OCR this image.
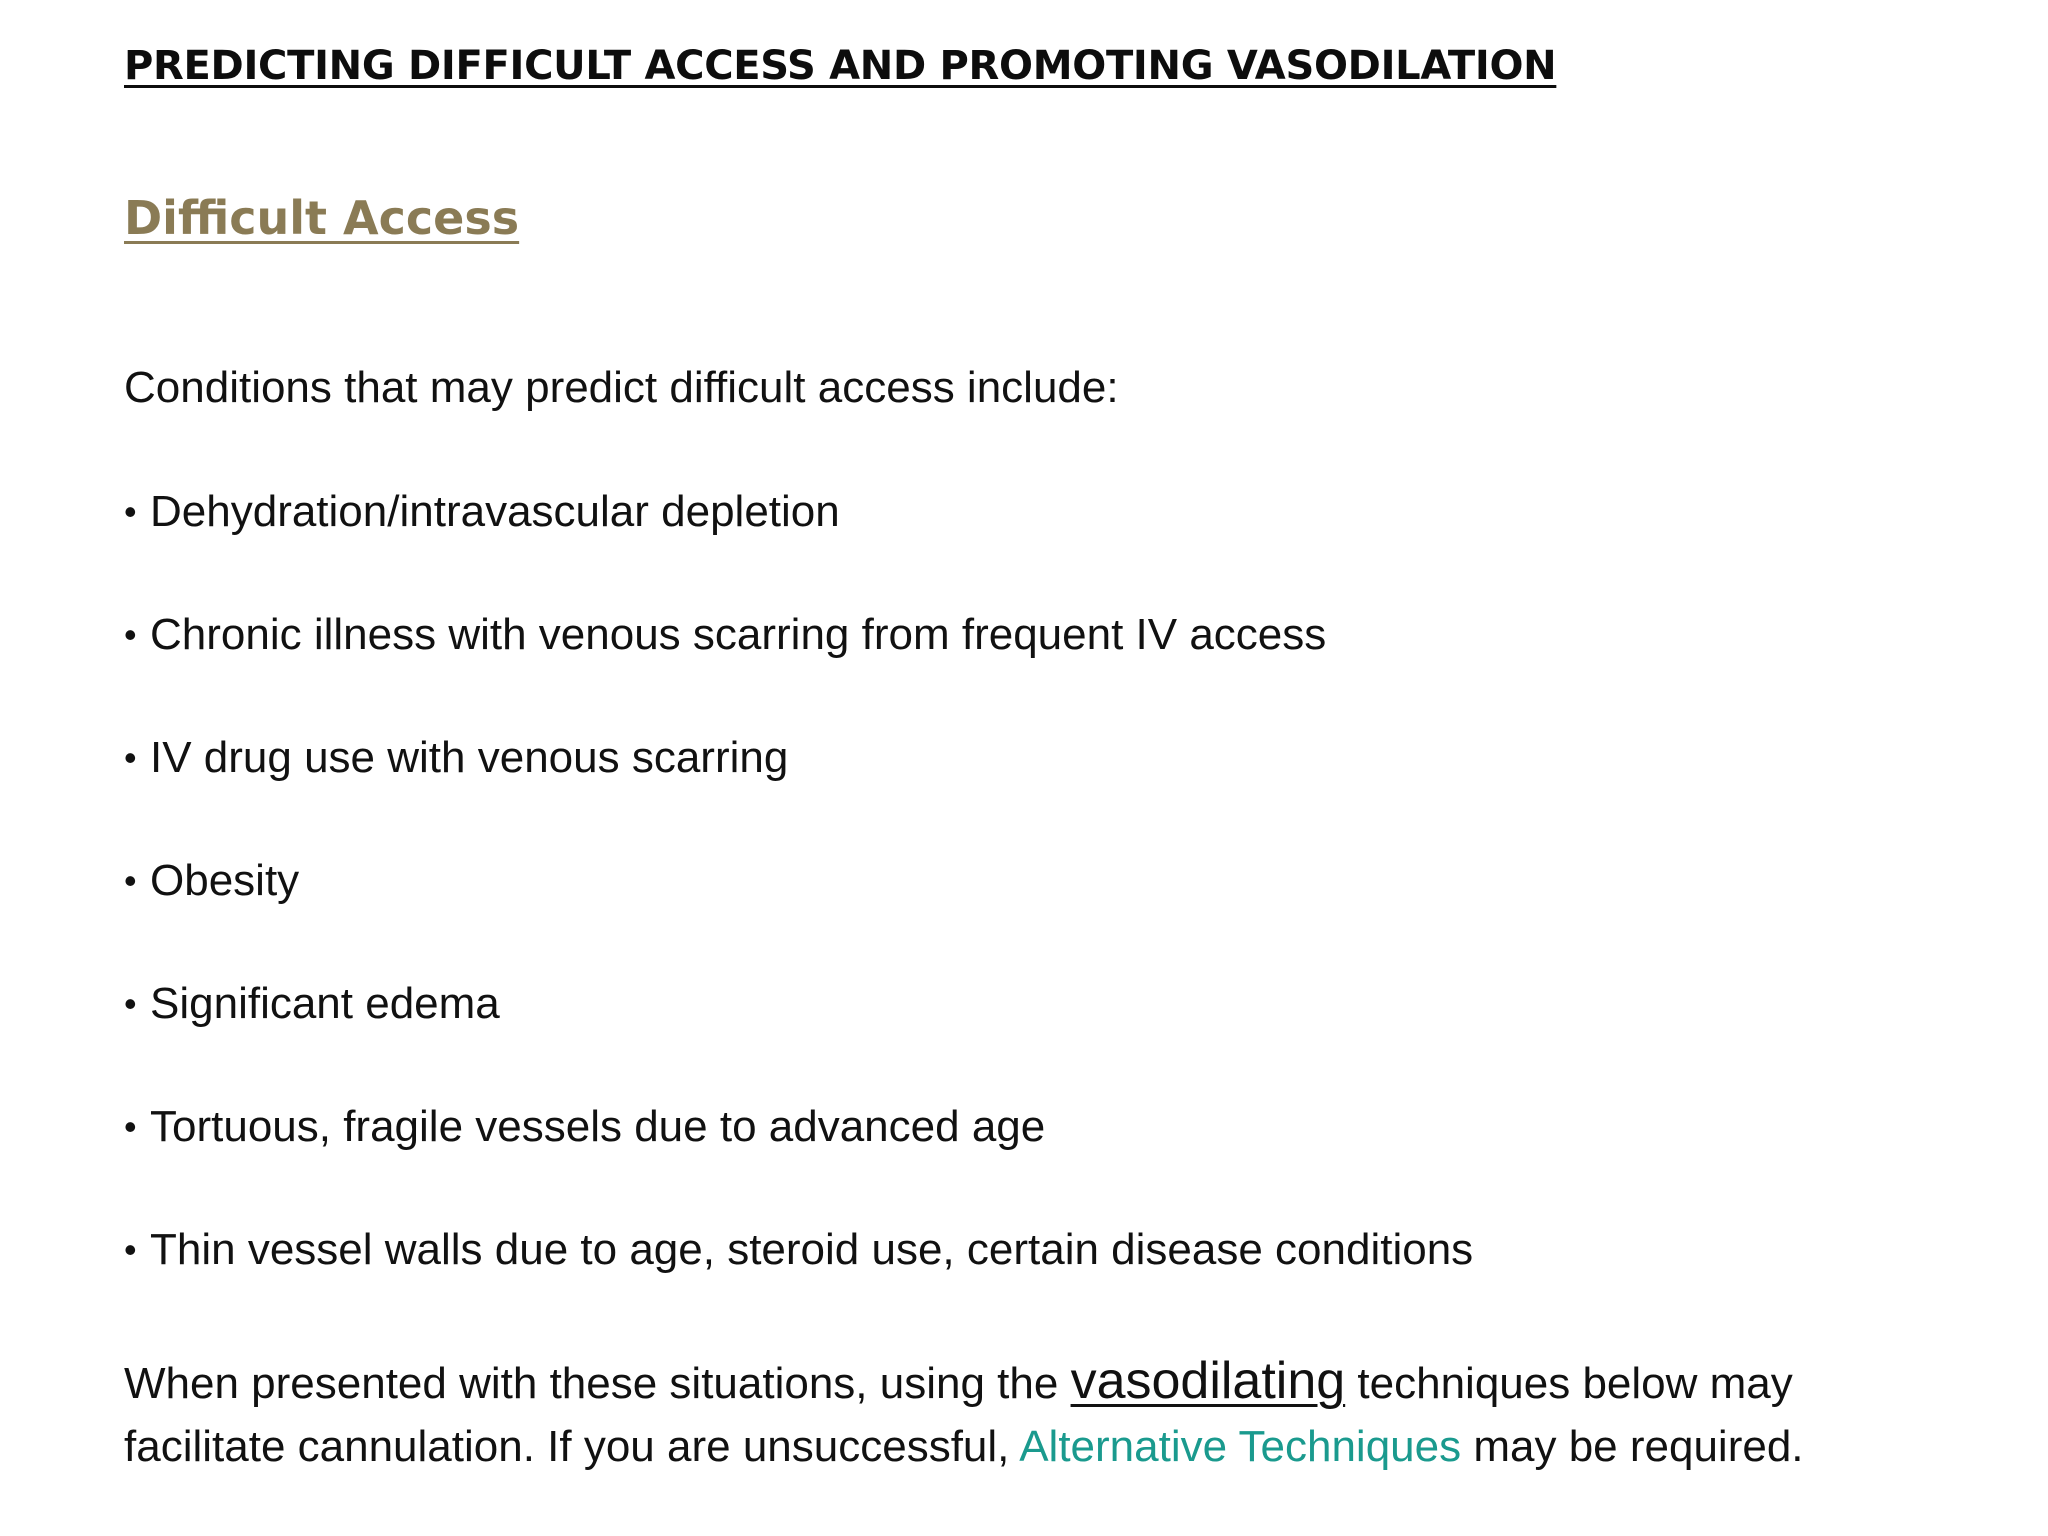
PREDICTING DIFFICULT ACCESS AND PROMOTING VASODILATION
Difficult Access

Conditions that may predict difficult access include:

• Dehydration/intravascular depletion
• Chronic illness with venous scarring from frequent IV access
• IV drug use with venous scarring
• Obesity
• Significant edema
• Tortuous, fragile vessels due to advanced age
• Thin vessel walls due to age, steroid use, certain disease conditions

When presented with these situations, using the vasodilating techniques below may facilitate cannulation. If you are unsuccessful, Alternative Techniques may be required.
